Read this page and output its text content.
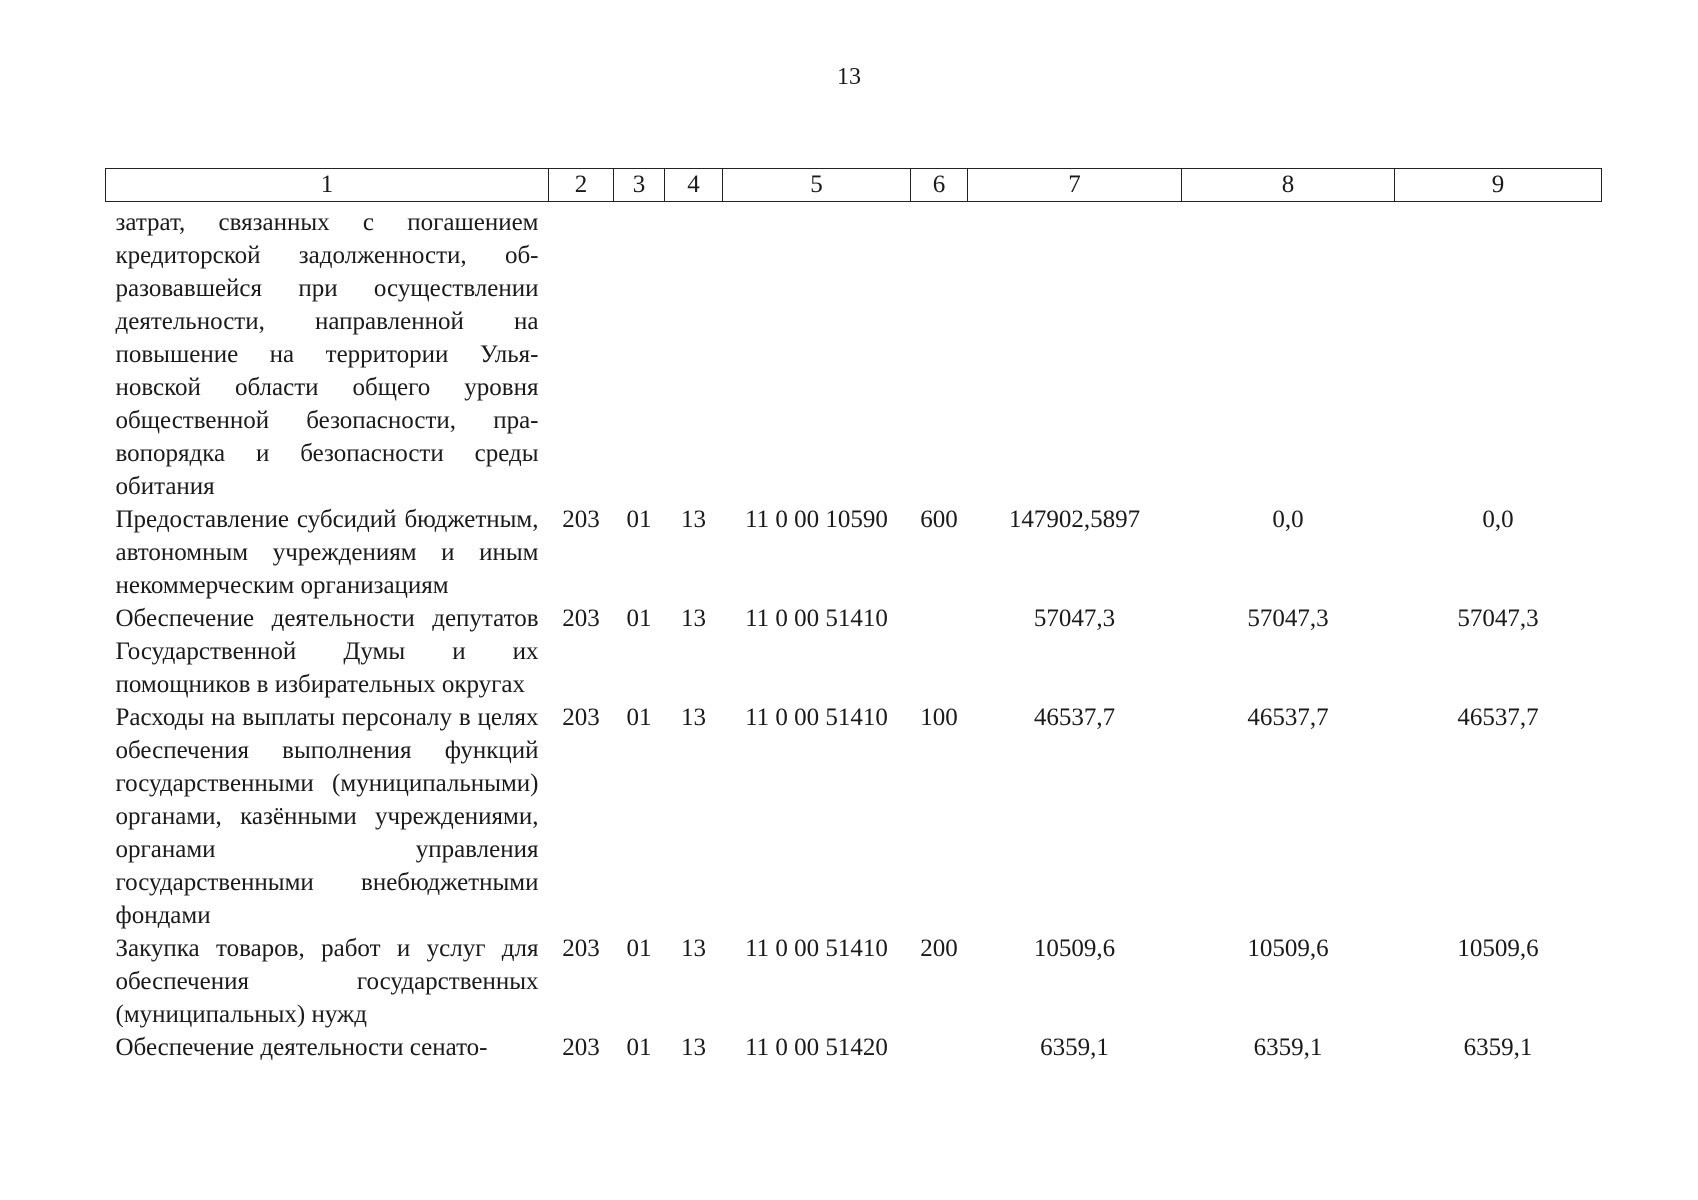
13
1	2	3	4	5	6	7	8	9
затрат, связанных с погашением кредиторской задолженности, образовавшейся при осуществлении деятельности, направленной на повышение на территории Ульяновской области общего уровня общественной безопасности, правопорядка и безопасности среды обитания								
Предоставление субсидий бюджетным, автономным учреждениям и иным некоммерческим организациям	203	01	13	11 0 00 10590	600	147902,5897	0,0	0,0
Обеспечение деятельности депутатов Государственной Думы и их помощников в избирательных округах	203	01	13	11 0 00 51410		57047,3	57047,3	57047,3
Расходы на выплаты персоналу в целях обеспечения выполнения функций государственными (муниципальными) органами, казёнными учреждениями, органами управления государственными внебюджетными фондами	203	01	13	11 0 00 51410	100	46537,7	46537,7	46537,7
Закупка товаров, работ и услуг для обеспечения государственных (муниципальных) нужд	203	01	13	11 0 00 51410	200	10509,6	10509,6	10509,6
Обеспечение деятельности сенато-	203	01	13	11 0 00 51420		6359,1	6359,1	6359,1
